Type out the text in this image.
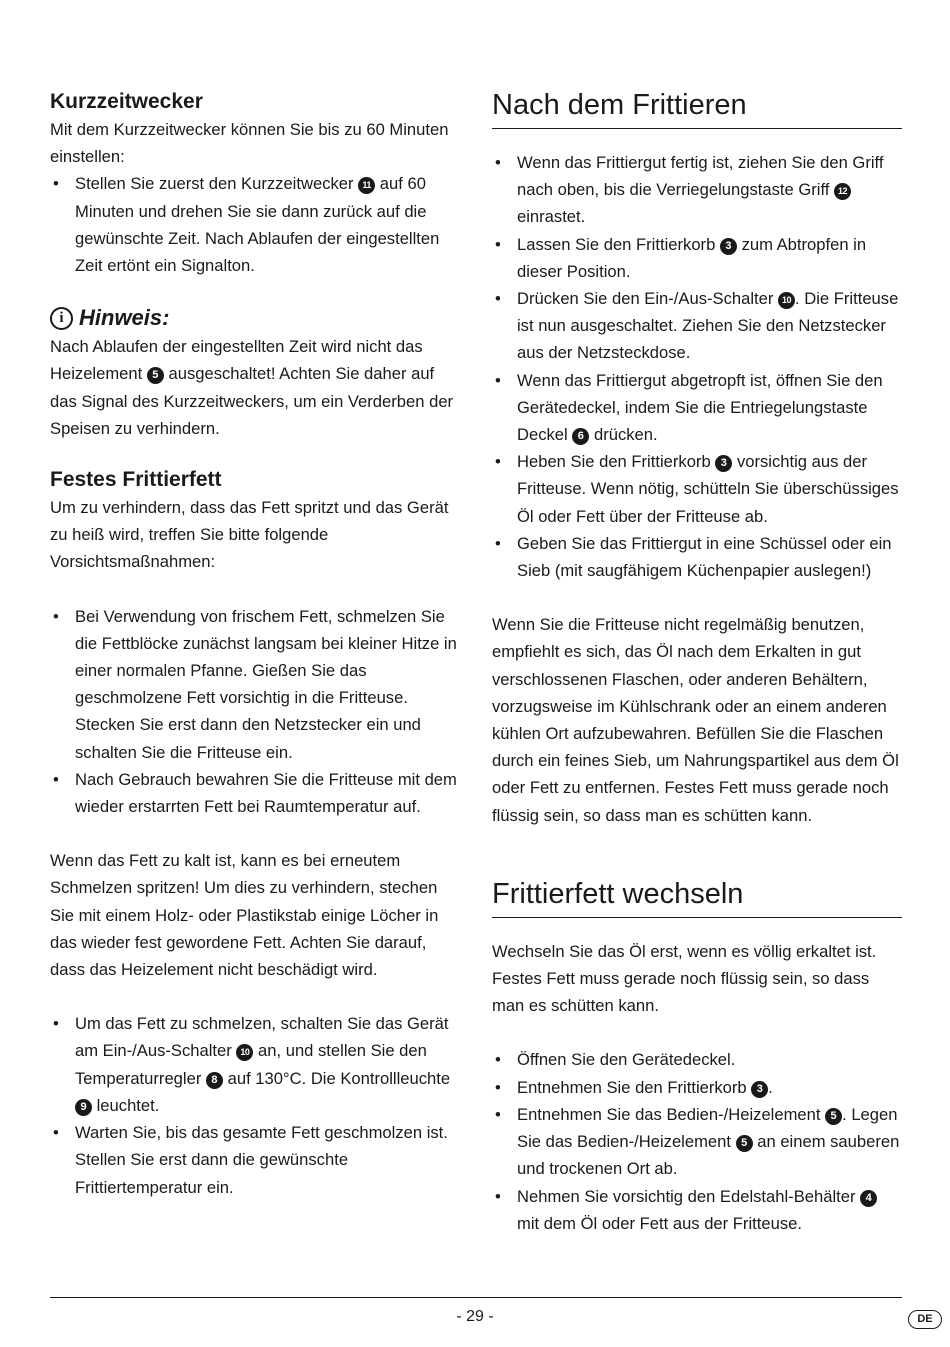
Kurzzeitwecker

Mit dem Kurzzeitwecker können Sie bis zu 60 Minuten einstellen:

• Stellen Sie zuerst den Kurzzeitwecker 11 auf 60 Minuten und drehen Sie sie dann zurück auf die gewünschte Zeit. Nach Ablaufen der eingestellten Zeit ertönt ein Signalton.
i Hinweis:

Nach Ablaufen der eingestellten Zeit wird nicht das Heizelement 5 ausgeschaltet! Achten Sie daher auf das Signal des Kurzzeitweckers, um ein Verderben der Speisen zu verhindern.

Festes Frittierfett

Um zu verhindern, dass das Fett spritzt und das Gerät zu heiß wird, treffen Sie bitte folgende Vorsichtsmaßnahmen:

• Bei Verwendung von frischem Fett, schmelzen Sie die Fettblöcke zunächst langsam bei kleiner Hitze in einer normalen Pfanne. Gießen Sie das geschmolzene Fett vorsichtig in die Fritteuse. Stecken Sie erst dann den Netzstecker ein und schalten Sie die Fritteuse ein.
• Nach Gebrauch bewahren Sie die Fritteuse mit dem wieder erstarrten Fett bei Raumtemperatur auf.

Wenn das Fett zu kalt ist, kann es bei erneutem Schmelzen spritzen! Um dies zu verhindern, stechen Sie mit einem Holz- oder Plastikstab einige Löcher in das wieder fest gewordene Fett. Achten Sie darauf, dass das Heizelement nicht beschädigt wird.

• Um das Fett zu schmelzen, schalten Sie das Gerät am Ein-/Aus-Schalter 10 an, und stellen Sie den Temperaturregler 8 auf 130°C. Die Kontrollleuchte 9 leuchtet.
• Warten Sie, bis das gesamte Fett geschmolzen ist. Stellen Sie erst dann die gewünschte Frittiertemperatur ein.
Nach dem Frittieren
• Wenn das Frittiergut fertig ist, ziehen Sie den Griff nach oben, bis die Verriegelungstaste Griff 12 einrastet.
• Lassen Sie den Frittierkorb 3 zum Abtropfen in dieser Position.
• Drücken Sie den Ein-/Aus-Schalter 10 . Die Fritteuse ist nun ausgeschaltet. Ziehen Sie den Netzstecker aus der Netzsteckdose.
• Wenn das Frittiergut abgetropft ist, öffnen Sie den Gerätedeckel, indem Sie die Entriegelungstaste Deckel 6 drücken.
• Heben Sie den Frittierkorb 3 vorsichtig aus der Fritteuse. Wenn nötig, schütteln Sie überschüssiges Öl oder Fett über der Fritteuse ab.
• Geben Sie das Frittiergut in eine Schüssel oder ein Sieb (mit saugfähigem Küchenpapier auslegen!)

Wenn Sie die Fritteuse nicht regelmäßig benutzen, empfiehlt es sich, das Öl nach dem Erkalten in gut verschlossenen Flaschen, oder anderen Behältern, vorzugsweise im Kühlschrank oder an einem anderen kühlen Ort aufzubewahren. Befüllen Sie die Flaschen durch ein feines Sieb, um Nahrungspartikel aus dem Öl oder Fett zu entfernen. Festes Fett muss gerade noch flüssig sein, so dass man es schütten kann.

Frittierfett wechseln

Wechseln Sie das Öl erst, wenn es völlig erkaltet ist. Festes Fett muss gerade noch flüssig sein, so dass man es schütten kann.

• Öffnen Sie den Gerätedeckel.
• Entnehmen Sie den Frittierkorb 3 .
• Entnehmen Sie das Bedien-/Heizelement 5 . Legen Sie das Bedien-/Heizelement 5 an einem sauberen und trockenen Ort ab.
• Nehmen Sie vorsichtig den Edelstahl-Behälter 4 mit dem Öl oder Fett aus der Fritteuse.
- 29 -	DE
